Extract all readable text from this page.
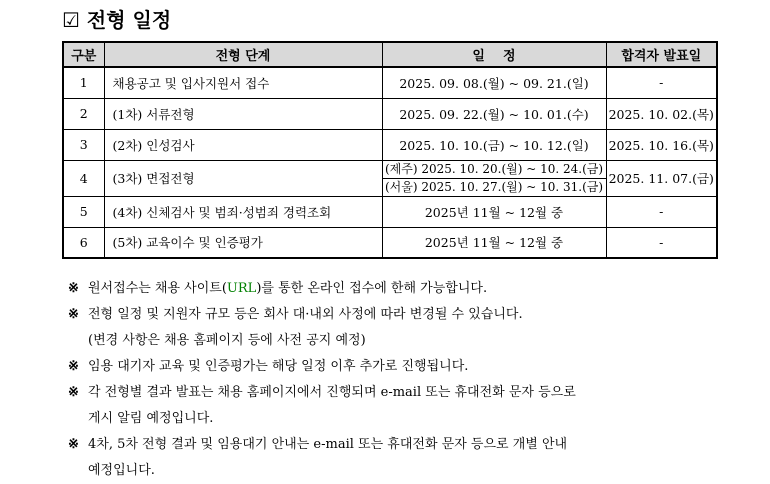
☑ 전형 일정
구분	전형 단계	일    정	합격자 발표일
1	채용공고 및 입사지원서 접수	2025. 09. 08.(월) ~ 09. 21.(일)	-
2	(1차) 서류전형	2025. 09. 22.(월) ~ 10. 01.(수)	2025. 10. 02.(목)
3	(2차) 인성검사	2025. 10. 10.(금) ~ 10. 12.(일)	2025. 10. 16.(목)
4	(3차) 면접전형	(제주) 2025. 10. 20.(월) ~ 10. 24.(금)
(서울) 2025. 10. 27.(월) ~ 10. 31.(금)	2025. 11. 07.(금)
5	(4차) 신체검사 및 범죄·성범죄 경력조회	2025년 11월 ~ 12월 중	-
6	(5차) 교육이수 및 인증평가	2025년 11월 ~ 12월 중	-
※ 원서접수는 채용 사이트(URL)를 통한 온라인 접수에 한해 가능합니다.
※ 전형 일정 및 지원자 규모 등은 회사 대·내외 사정에 따라 변경될 수 있습니다.
(변경 사항은 채용 홈페이지 등에 사전 공지 예정)
※ 임용 대기자 교육 및 인증평가는 해당 일정 이후 추가로 진행됩니다.
※ 각 전형별 결과 발표는 채용 홈페이지에서 진행되며 e-mail 또는 휴대전화 문자 등으로
게시 알림 예정입니다.
※ 4차, 5차 전형 결과 및 임용대기 안내는 e-mail 또는 휴대전화 문자 등으로 개별 안내
예정입니다.
